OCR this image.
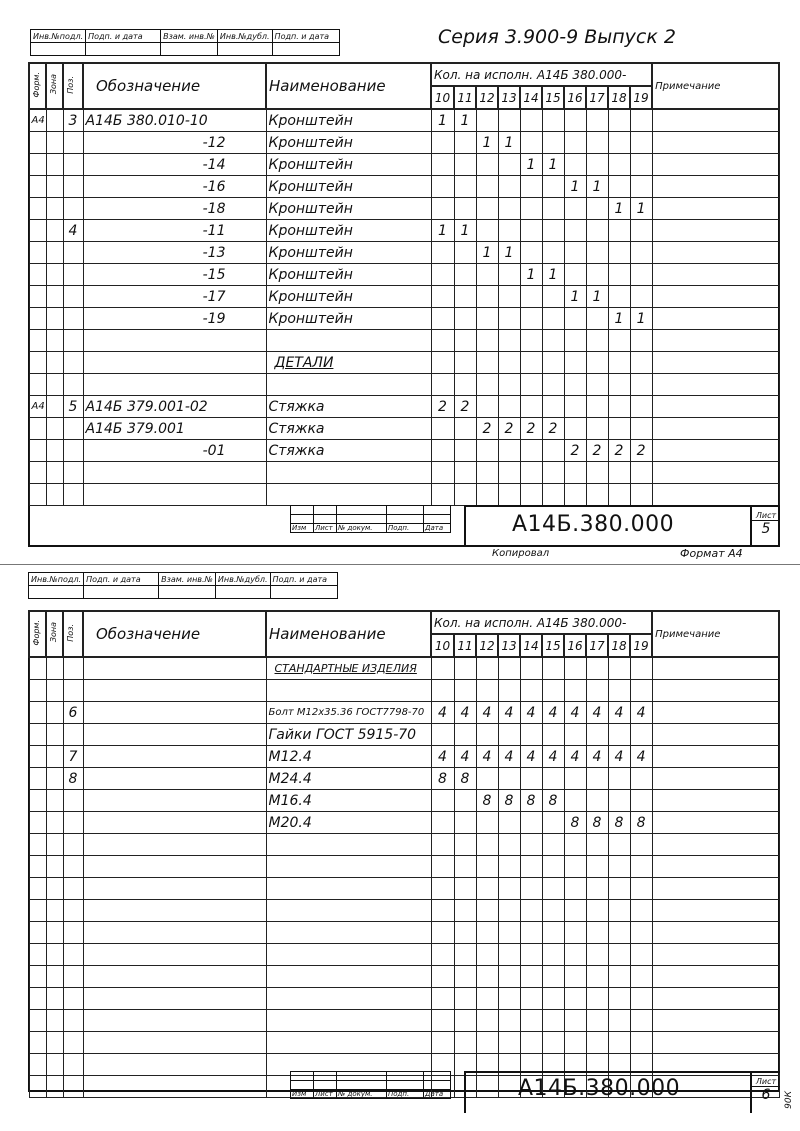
Инв.№подл.	Подп. и дата	Взам. инв.№	Инв.№дубл.	Подп. и дата
					Серия 3.900-9 Выпуск 2
Форм.	Зона	Поз.	Обозначение	Наименование	Кол. на исполн. А14Б 380.000-										Примечание
					10	11	12	13	14	15	16	17	18	19	
А4		3	А14Б 380.010-10	Кронштейн	1	1									
			-12	Кронштейн			1	1							
			-14	Кронштейн					1	1					
			-16	Кронштейн							1	1			
			-18	Кронштейн									1	1	
		4	-11	Кронштейн	1	1									
			-13	Кронштейн			1	1							
			-15	Кронштейн					1	1					
			-17	Кронштейн							1	1			
			-19	Кронштейн									1	1	

				ДЕТАЛИ											

А4		5	А14Б 379.001-02	Стяжка	2	2									
			А14Б 379.001	Стяжка			2	2	2	2					
			-01	Стяжка							2	2	2	2	

Изм	Лист	№ докум.	Подп.	Дата	А14Б.380.000	Лист
5
Копировал	Формат А4
Инв.№подл.	Подп. и дата	Взам. инв.№	Инв.№дубл.	Подп. и дата

Форм.	Зона	Поз.	Обозначение	Наименование	Кол. на исполн. А14Б 380.000-										Примечание
					10	11	12	13	14	15	16	17	18	19	
				СТАНДАРТНЫЕ ИЗДЕЛИЯ											

		6		Болт М12х35.36 ГОСТ7798-70	4	4	4	4	4	4	4	4	4	4	
				Гайки ГОСТ 5915-70											
		7		М12.4	4	4	4	4	4	4	4	4	4	4	
		8		М24.4	8	8									
				М16.4			8	8	8	8					
				М20.4							8	8	8	8	

Изм	Лист	№ докум.	Подп.	Дата	А14Б.380.000	Лист
6	90К
